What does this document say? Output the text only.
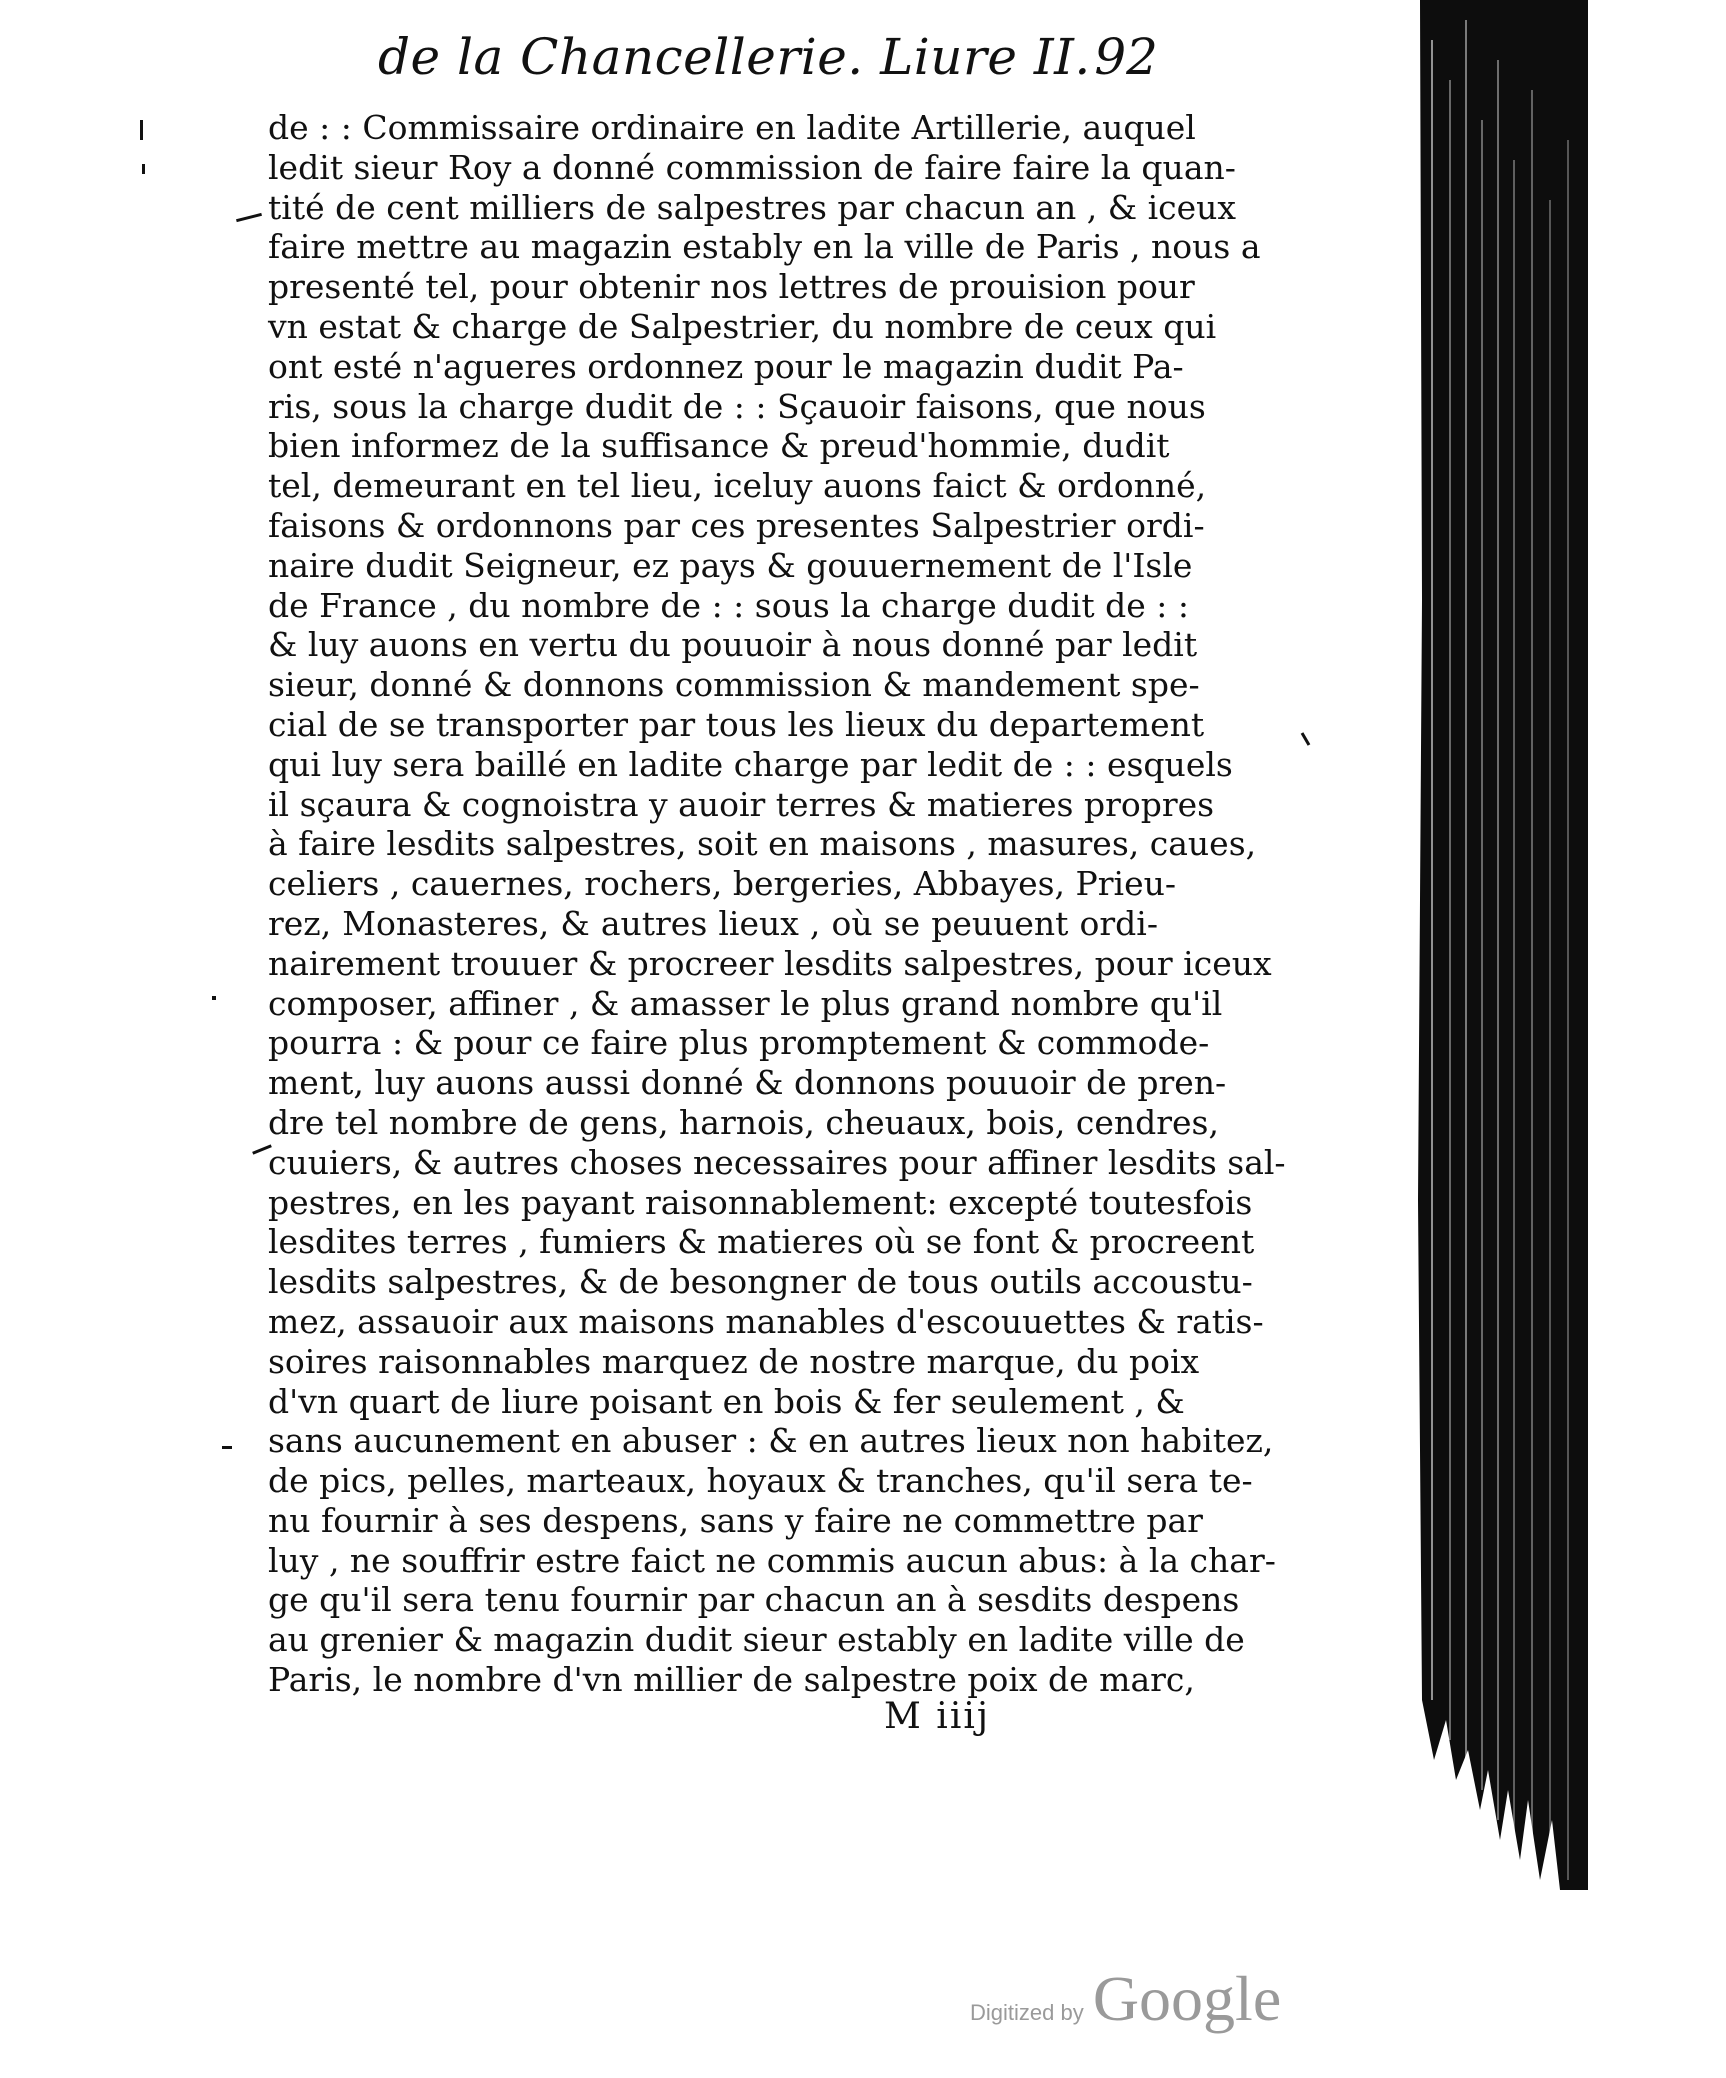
de la Chancellerie. Liure II. 92
de : : Commissaire ordinaire en ladite Artillerie, auquel
ledit sieur Roy a donné commission de faire faire la quan-
tité de cent milliers de salpestres par chacun an , & iceux
faire mettre au magazin estably en la ville de Paris , nous a
presenté tel, pour obtenir nos lettres de prouision pour
vn estat & charge de Salpestrier, du nombre de ceux qui
ont esté n'agueres ordonnez pour le magazin dudit Pa-
ris, sous la charge dudit de : : Sçauoir faisons, que nous
bien informez de la suffisance & preud'hommie, dudit
tel, demeurant en tel lieu, iceluy auons faict & ordonné,
faisons & ordonnons par ces presentes Salpestrier ordi-
naire dudit Seigneur, ez pays & gouuernement de l'Isle
de France , du nombre de : : sous la charge dudit de : :
& luy auons en vertu du pouuoir à nous donné par ledit
sieur, donné & donnons commission & mandement spe-
cial de se transporter par tous les lieux du departement
qui luy sera baillé en ladite charge par ledit de : : esquels
il sçaura & cognoistra y auoir terres & matieres propres
à faire lesdits salpestres, soit en maisons , masures, caues,
celiers , cauernes, rochers, bergeries, Abbayes, Prieu-
rez, Monasteres, & autres lieux , où se peuuent ordi-
nairement trouuer & procreer lesdits salpestres, pour iceux
composer, affiner , & amasser le plus grand nombre qu'il
pourra : & pour ce faire plus promptement & commode-
ment, luy auons aussi donné & donnons pouuoir de pren-
dre tel nombre de gens, harnois, cheuaux, bois, cendres,
cuuiers, & autres choses necessaires pour affiner lesdits sal-
pestres, en les payant raisonnablement: excepté toutesfois
lesdites terres , fumiers & matieres où se font & procreent
lesdits salpestres, & de besongner de tous outils accoustu-
mez, assauoir aux maisons manables d'escouuettes & ratis-
soires raisonnables marquez de nostre marque, du poix
d'vn quart de liure poisant en bois & fer seulement , &
sans aucunement en abuser : & en autres lieux non habitez,
de pics, pelles, marteaux, hoyaux & tranches, qu'il sera te-
nu fournir à ses despens, sans y faire ne commettre par
luy , ne souffrir estre faict ne commis aucun abus: à la char-
ge qu'il sera tenu fournir par chacun an à sesdits despens
au grenier & magazin dudit sieur estably en ladite ville de
Paris, le nombre d'vn millier de salpestre poix de marc,
M iiij
Digitized by Google
